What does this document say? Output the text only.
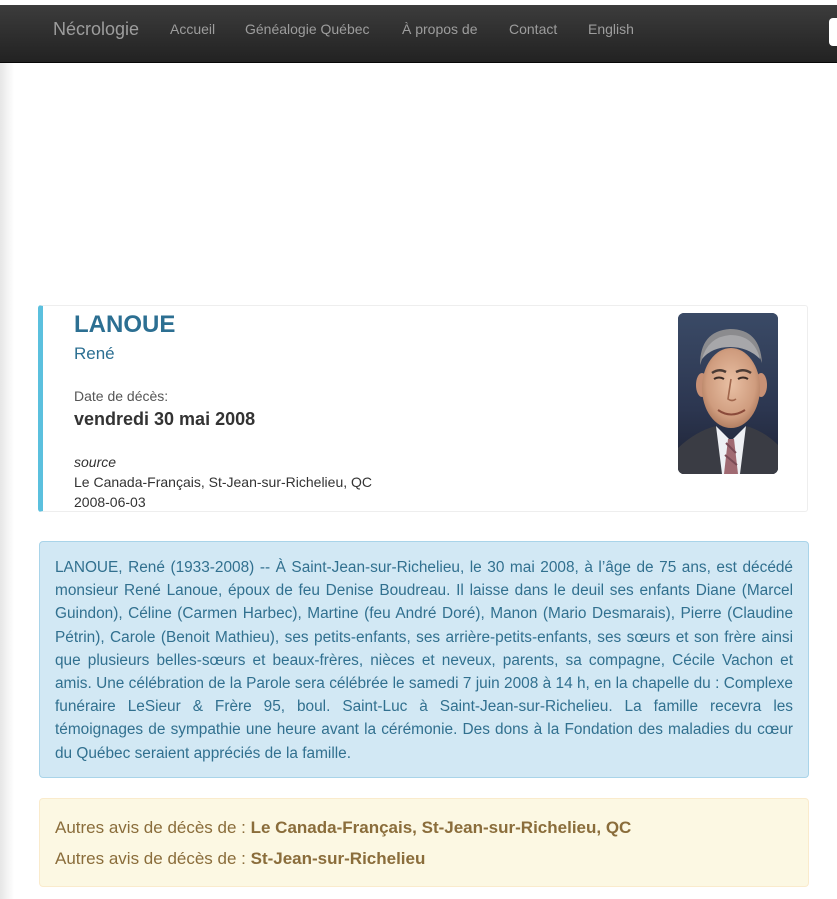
Nécrologie Accueil Généalogie Québec À propos de Contact English
LANOUE
René
Date de décès:
vendredi 30 mai 2008
source
Le Canada-Français, St-Jean-sur-Richelieu, QC
2008-06-03

LANOUE, René (1933-2008) -- À Saint-Jean-sur-Richelieu, le 30 mai 2008, à l’âge de 75 ans, est décédé monsieur René Lanoue, époux de feu Denise Boudreau. Il laisse dans le deuil ses enfants Diane (Marcel Guindon), Céline (Carmen Harbec), Martine (feu André Doré), Manon (Mario Desmarais), Pierre (Claudine Pétrin), Carole (Benoit Mathieu), ses petits-enfants, ses arrière-petits-enfants, ses sœurs et son frère ainsi que plusieurs belles-sœurs et beaux-frères, nièces et neveux, parents, sa compagne, Cécile Vachon et amis. Une célébration de la Parole sera célébrée le samedi 7 juin 2008 à 14 h, en la chapelle du : Complexe funéraire LeSieur & Frère 95, boul. Saint-Luc à Saint-Jean-sur-Richelieu. La famille recevra les témoignages de sympathie une heure avant la cérémonie. Des dons à la Fondation des maladies du cœur du Québec seraient appréciés de la famille.

Autres avis de décès de : Le Canada-Français, St-Jean-sur-Richelieu, QC
Autres avis de décès de : St-Jean-sur-Richelieu
